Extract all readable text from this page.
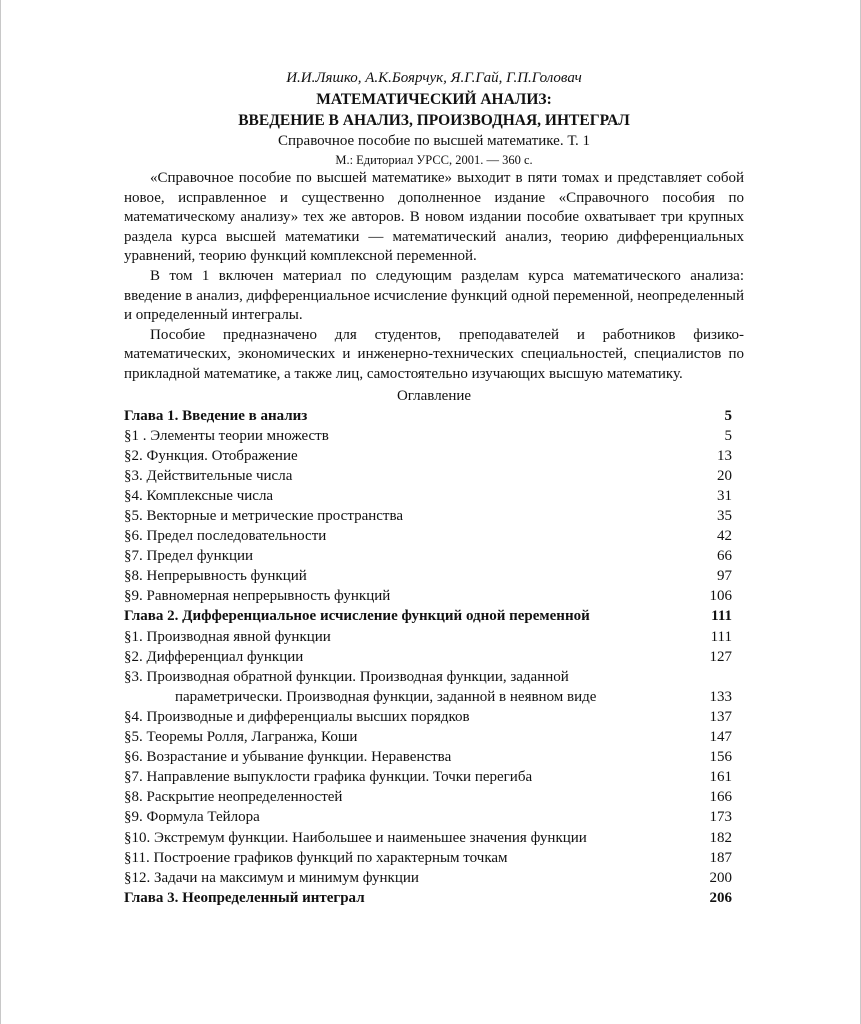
И.И.Ляшко, А.К.Боярчук, Я.Г.Гай, Г.П.Головач
МАТЕМАТИЧЕСКИЙ АНАЛИЗ:
ВВЕДЕНИЕ В АНАЛИЗ, ПРОИЗВОДНАЯ, ИНТЕГРАЛ
Справочное пособие по высшей математике. Т. 1
М.: Едиториал УРСС, 2001. — 360 с.

«Справочное пособие по высшей математике» выходит в пяти томах и представляет собой новое, исправленное и существенно дополненное издание «Справочного пособия по математическому анализу» тех же авторов. В новом издании пособие охватывает три крупных раздела курса высшей математики — математический анализ, теорию дифференциальных уравнений, теорию функций комплексной переменной.

В том 1 включен материал по следующим разделам курса математического анализа: введение в анализ, дифференциальное исчисление функций одной переменной, неопределенный и определенный интегралы.

Пособие предназначено для студентов, преподавателей и работников физико-математических, экономических и инженерно-технических специальностей, специалистов по прикладной математике, а также лиц, самостоятельно изучающих высшую математику.

Оглавление
Глава 1. Введение в анализ	5
§1 . Элементы теории множеств	5
§2. Функция. Отображение	13
§3. Действительные числа	20
§4. Комплексные числа	31
§5. Векторные и метрические пространства	35
§6. Предел последовательности	42
§7. Предел функции	66
§8. Непрерывность функций	97
§9. Равномерная непрерывность функций	106
Глава 2. Дифференциальное исчисление функций одной переменной	111
§1. Производная явной функции	111
§2. Дифференциал функции	127
§3. Производная обратной функции. Производная функции, заданной
параметрически. Производная функции, заданной в неявном виде	133
§4. Производные и дифференциалы высших порядков	137
§5. Теоремы Ролля, Лагранжа, Коши	147
§6. Возрастание и убывание функции. Неравенства	156
§7. Направление выпуклости графика функции. Точки перегиба	161
§8. Раскрытие неопределенностей	166
§9. Формула Тейлора	173
§10. Экстремум функции. Наибольшее и наименьшее значения функции	182
§11. Построение графиков функций по характерным точкам	187
§12. Задачи на максимум и минимум функции	200
Глава 3. Неопределенный интеграл	206
